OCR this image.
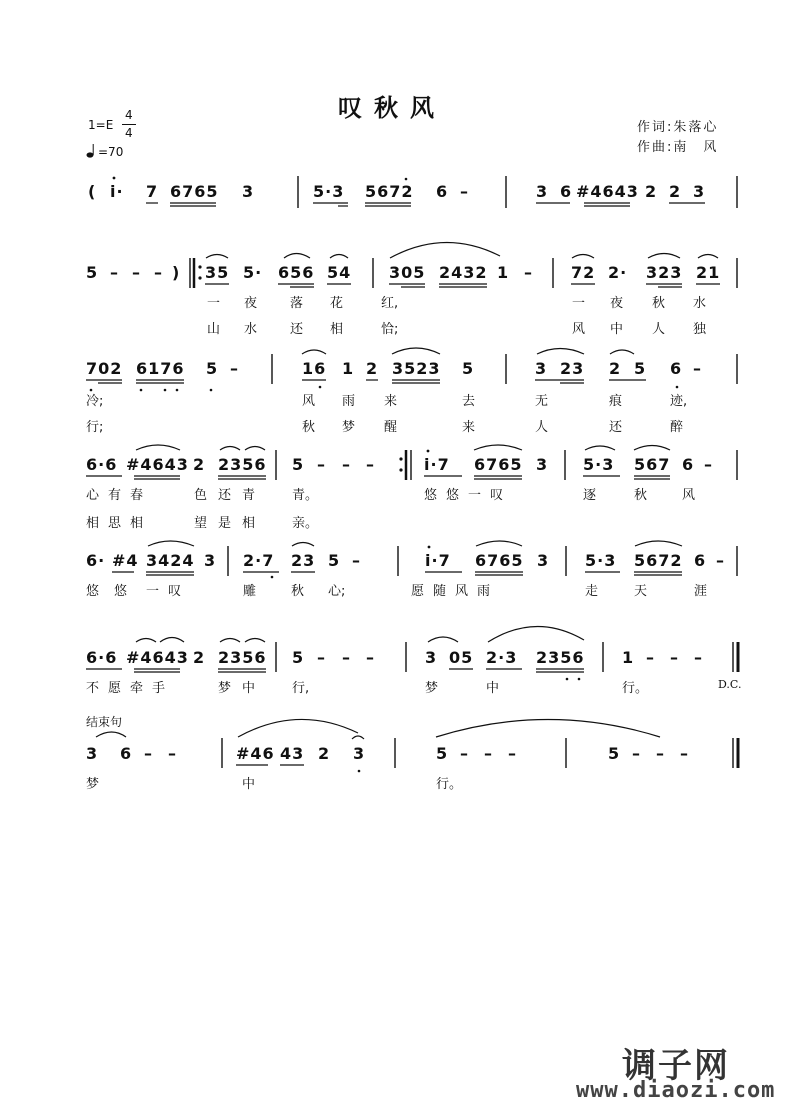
叹秋风
1=E
4
4
=70
作词:朱落心
作曲:南　风
( i· 7 6765 3	5·3 5672 6 –	3 6 #4643 2 2 3
5 – – – ) 35 5· 656 54 305 2432 1 – 72 2· 323 21
一 夜	落 花	红,	一 夜 秋 水
山 水	还 相	恰;	风 中 人 独
702 6176 5 –	16 1 2 3523 5	3 23 2 5 6 –
冷;	风 雨 来	去	无	痕	迹,
行;	秋 梦 醒	来	人	还	醉
6·6 #4643 2 2356 5 – – –	i·7 6765 3 5·3 567 6 –
心 有 春	色 还 青	青。	悠 悠 一 叹	逐	秋	风
相 思 相	望 是 相	亲。
6· #4 3424 3 2·7 23 5 –	i·7 6765 3 5·3 5672 6 –
悠 悠 一 叹	雕	秋 心;	愿 随 风 雨	走	天	涯
6·6 #4643 2 2356 5 – – –	3 05 2·3 2356 1 – – –
不 愿 牵 手	梦 中	行,	梦	中	行。	D.C.
结束句
3 6 – –	#46 43 2 3	5 – – –	5 – – –
梦	中	行。
调子网
www.diaozi.com
